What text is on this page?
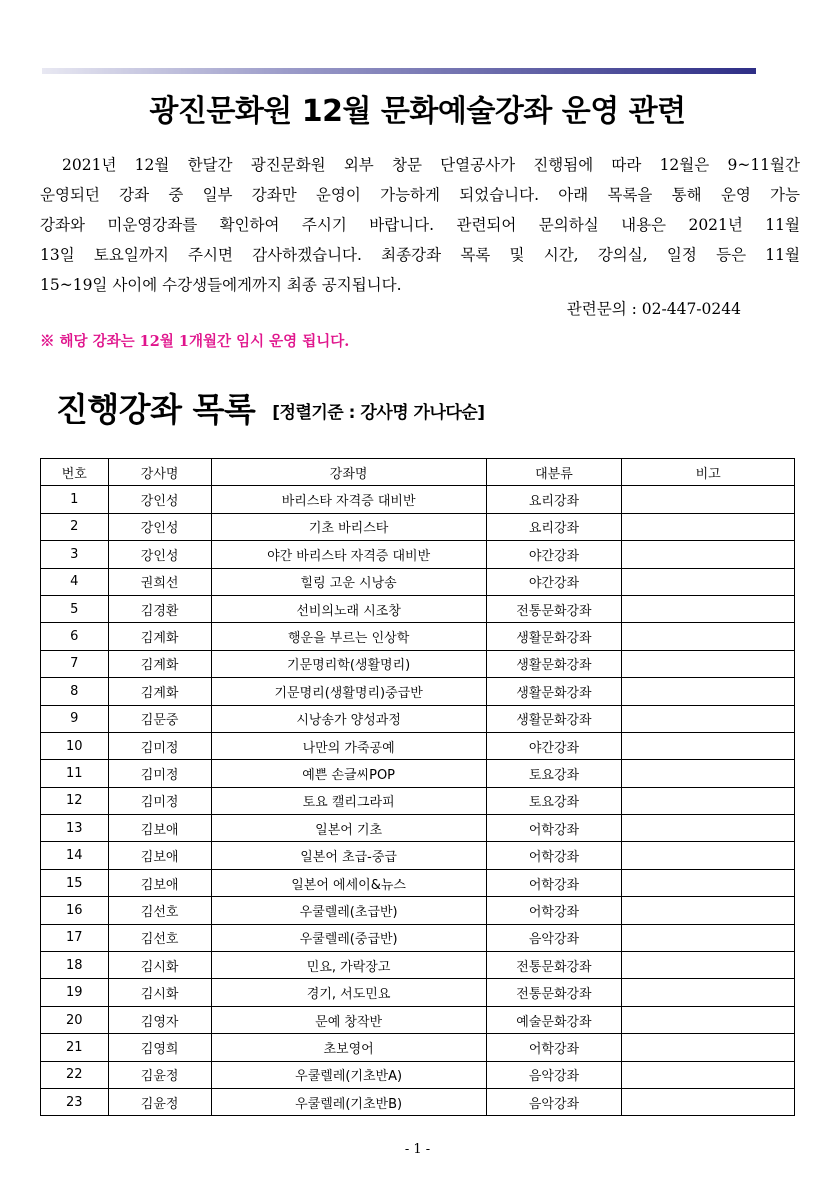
광진문화원 12월 문화예술강좌 운영 관련

2021년 12월 한달간 광진문화원 외부 창문 단열공사가 진행됨에 따라 12월은 9~11월간
운영되던 강좌 중 일부 강좌만 운영이 가능하게 되었습니다. 아래 목록을 통해 운영 가능
강좌와 미운영강좌를 확인하여 주시기 바랍니다. 관련되어 문의하실 내용은 2021년 11월
13일 토요일까지 주시면 감사하겠습니다. 최종강좌 목록 및 시간, 강의실, 일정 등은 11월
15~19일 사이에 수강생들에게까지 최종 공지됩니다.

관련문의 : 02-447-0244
※ 해당 강좌는 12월 1개월간 임시 운영 됩니다.
진행강좌 목록 [정렬기준 : 강사명 가나다순]
번호	강사명	강좌명	대분류	비고
1	강인성	바리스타 자격증 대비반	요리강좌	
2	강인성	기초 바리스타	요리강좌	
3	강인성	야간 바리스타 자격증 대비반	야간강좌	
4	권희선	힐링 고운 시낭송	야간강좌	
5	김경환	선비의노래 시조창	전통문화강좌	
6	김계화	행운을 부르는 인상학	생활문화강좌	
7	김계화	기문명리학(생활명리)	생활문화강좌	
8	김계화	기문명리(생활명리)중급반	생활문화강좌	
9	김문중	시낭송가 양성과정	생활문화강좌	
10	김미정	나만의 가죽공예	야간강좌	
11	김미정	예쁜 손글씨POP	토요강좌	
12	김미정	토요 캘리그라피	토요강좌	
13	김보애	일본어 기초	어학강좌	
14	김보애	일본어 초급-중급	어학강좌	
15	김보애	일본어 에세이&뉴스	어학강좌	
16	김선호	우쿨렐레(초급반)	어학강좌	
17	김선호	우쿨렐레(중급반)	음악강좌	
18	김시화	민요, 가락장고	전통문화강좌	
19	김시화	경기, 서도민요	전통문화강좌	
20	김영자	문예 창작반	예술문화강좌	
21	김영희	초보영어	어학강좌	
22	김윤정	우쿨렐레(기초반A)	음악강좌	
23	김윤정	우쿨렐레(기초반B)	음악강좌	
- 1 -
